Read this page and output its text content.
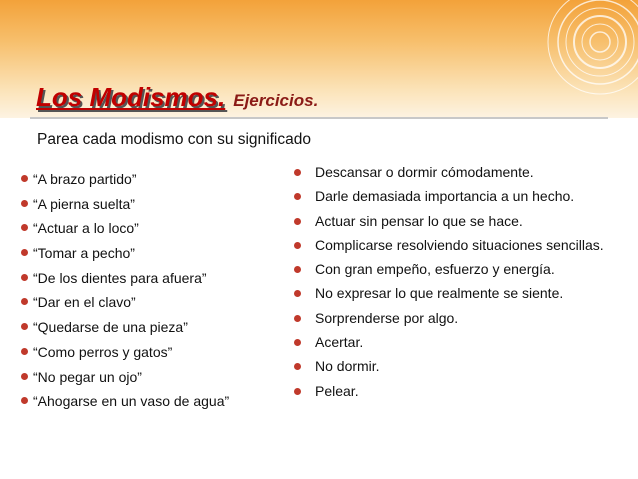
Los Modismos. Ejercicios.
Parea cada modismo con su significado
“A brazo partido”
“A pierna suelta”
“Actuar a lo loco”
“Tomar a pecho”
“De los dientes para afuera”
“Dar en el clavo”
“Quedarse de una pieza”
“Como perros y gatos”
“No pegar un ojo”
“Ahogarse en un vaso de agua”
Descansar o dormir cómodamente.
Darle demasiada importancia a un hecho.
Actuar sin pensar lo que se hace.
Complicarse resolviendo situaciones sencillas.
Con gran empeño, esfuerzo y energía.
No expresar lo que realmente se siente.
Sorprenderse por algo.
Acertar.
No dormir.
Pelear.
